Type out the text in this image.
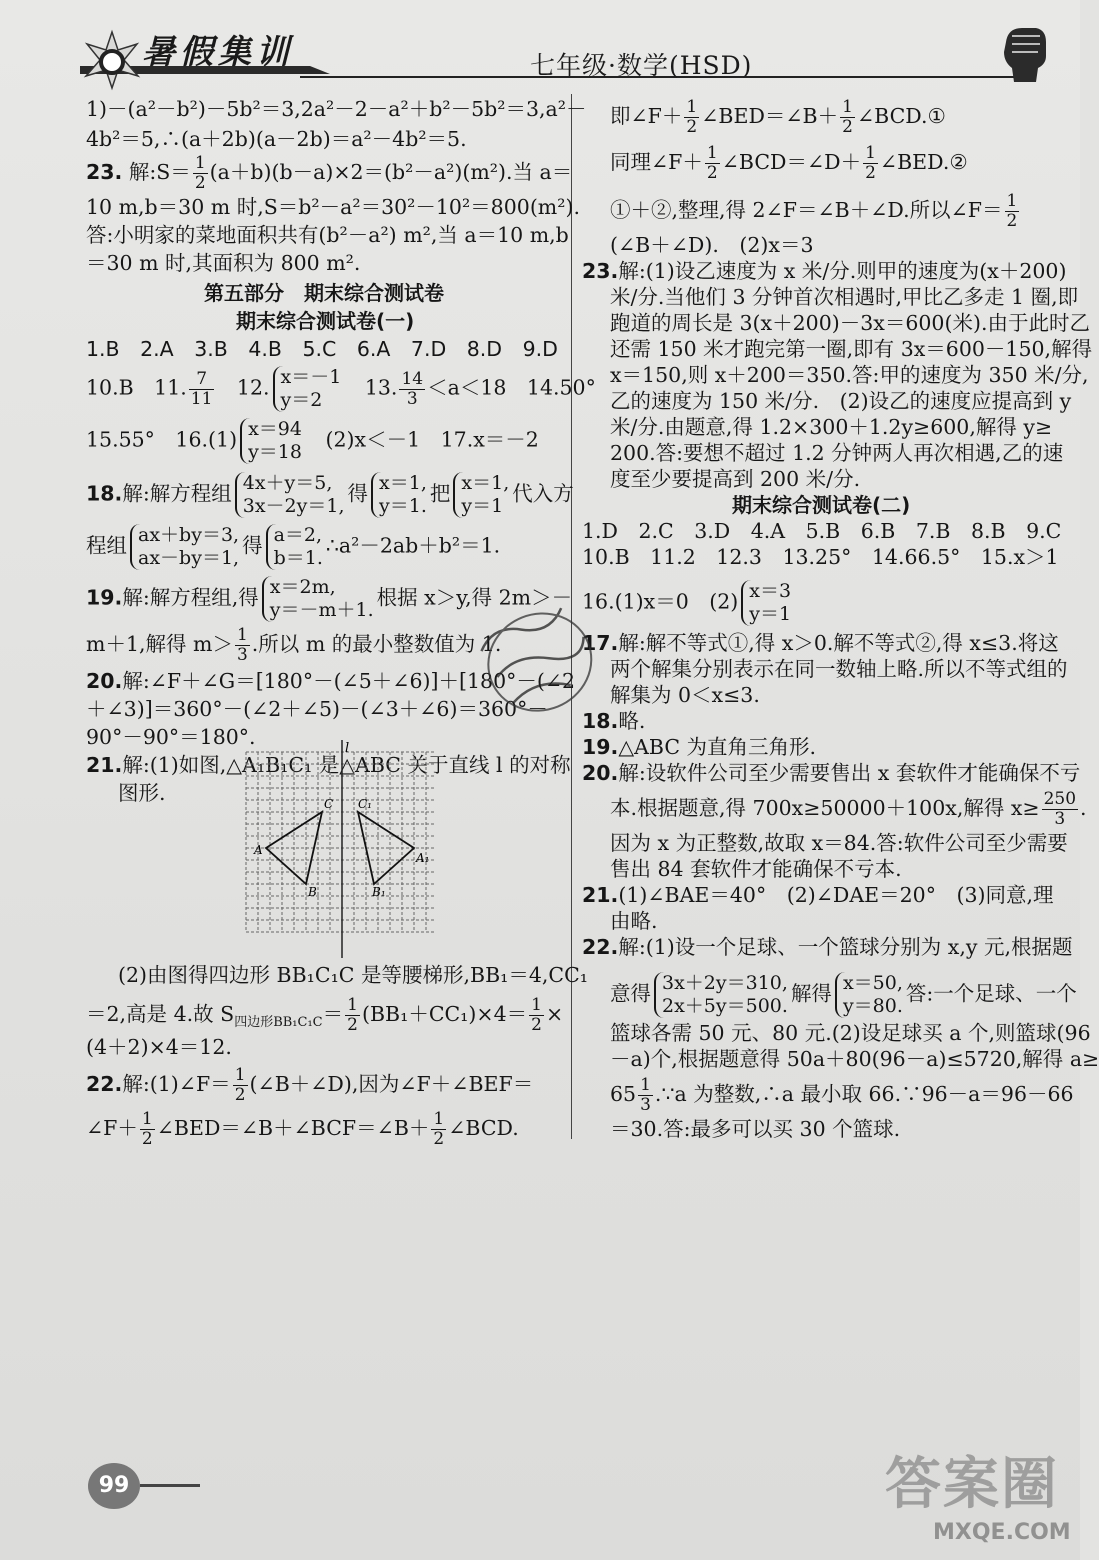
暑假集训	七年级·数学(HSD)
1)－(a²－b²)－5b²＝3,2a²－2－a²＋b²－5b²＝3,a²－
4b²＝5,∴(a＋2b)(a－2b)＝a²－4b²＝5.
23. 解:S＝ $\frac{1}{2} (a+b)(b-a)\times 2=(b^2-a^2)(m^2)$.当 a＝
10 m,b＝30 m 时,S＝b²－a²＝30²－10²＝800(m²).
答:小明家的菜地面积共有(b²－a²) m²,当 a＝10 m,b
＝30 m 时,其面积为 800 m².
第五部分　期末综合测试卷
期末综合测试卷(一)
1.B　2.A　3.B　4.B　5.C　6.A　7.D　8.D　9.D
10.B　11. $\frac{7}{11}$ 　12. x＝－1
y＝2
　13. $\frac{14}{3} <a<18$　14.50°
15.55°　16.(1) x＝94
y＝18
　(2)x＜－1　17.x＝－2
18.解:解方程组 4x＋y＝5,
3x－2y＝1,
得 x＝1,
y＝1.
把 x＝1,
y＝1
代入方
程组 ax＋by＝3,
ax－by＝1,
得 a＝2,
b＝1.
∴a²－2ab＋b²＝1.
19.解:解方程组,得 x＝2m,
y＝－m＋1.
根据 x＞y,得 2m＞－
m＋1,解得 $m> \frac{1}{3}$ .所以 m 的最小整数值为 1.
20.解:∠F＋∠G＝[180°－(∠5＋∠6)]＋[180°－(∠2
＋∠3)]＝360°－(∠2＋∠5)－(∠3＋∠6)＝360°－
90°－90°＝180°.
21.解:(1)如图,△A₁B₁C₁ 是△ABC 关于直线 l 的对称
图形.
(2)由图得四边形 BB₁C₁C 是等腰梯形,BB₁＝4,CC₁
＝2,高是 4.故 $S_{四边形BB_1C_1C}= \frac{1}{2} (BB_1+CC_1)\times 4= \frac{1}{2}$ ×
(4＋2)×4＝12.
22.解:(1)∠F＝ $\frac{1}{2}$ (∠B＋∠D),因为∠F＋∠BEF＝
∠F＋ $\frac{1}{2}$ ∠BED＝∠B＋∠BCF＝∠B＋ $\frac{1}{2}$ ∠BCD.
l
A
C
B
A₁
C₁
B₁
即∠F＋ $\frac{1}{2}$ ∠BED＝∠B＋ $\frac{1}{2}$ ∠BCD.①
同理∠F＋ $\frac{1}{2}$ ∠BCD＝∠D＋ $\frac{1}{2}$ ∠BED.②
①＋②,整理,得 2∠F＝∠B＋∠D.所以∠F＝ $\frac{1}{2}$
(∠B＋∠D).　(2)x＝3
23.解:(1)设乙速度为 x 米/分.则甲的速度为(x＋200)
米/分.当他们 3 分钟首次相遇时,甲比乙多走 1 圈,即
跑道的周长是 3(x＋200)－3x＝600(米).由于此时乙
还需 150 米才跑完第一圈,即有 3x＝600－150,解得
x＝150,则 x＋200＝350.答:甲的速度为 350 米/分,
乙的速度为 150 米/分.　(2)设乙的速度应提高到 y
米/分.由题意,得 1.2×300＋1.2y≥600,解得 y≥
200.答:要想不超过 1.2 分钟两人再次相遇,乙的速
度至少要提高到 200 米/分.
期末综合测试卷(二)
1.D　2.C　3.D　4.A　5.B　6.B　7.B　8.B　9.C
10.B　11.2　12.3　13.25°　14.66.5°　15.x＞1
16.(1)x＝0　(2) x＝3
y＝1
17.解:解不等式①,得 x＞0.解不等式②,得 x≤3.将这
两个解集分别表示在同一数轴上略.所以不等式组的
解集为 0＜x≤3.
18.略.
19.△ABC 为直角三角形.
20.解:设软件公司至少需要售出 x 套软件才能确保不亏
本.根据题意,得 700x≥50000＋100x,解得 $x\ge \frac{250}{3}$ .
因为 x 为正整数,故取 x＝84.答:软件公司至少需要
售出 84 套软件才能确保不亏本.
21.(1)∠BAE＝40°　(2)∠DAE＝20°　(3)同意,理
由略.
22.解:(1)设一个足球、一个篮球分别为 x,y 元,根据题
意得 3x＋2y＝310,
2x＋5y＝500.
解得 x＝50,
y＝80.
答:一个足球、一个
篮球各需 50 元、80 元.(2)设足球买 a 个,则篮球(96
－a)个,根据题意得 50a＋80(96－a)≤5720,解得 a≥
$65 \frac{1}{3}$ .∵a 为整数,∴a 最小取 66.∵96－a＝96－66
＝30.答:最多可以买 30 个篮球.
99	答案圈
MXQE.COM
